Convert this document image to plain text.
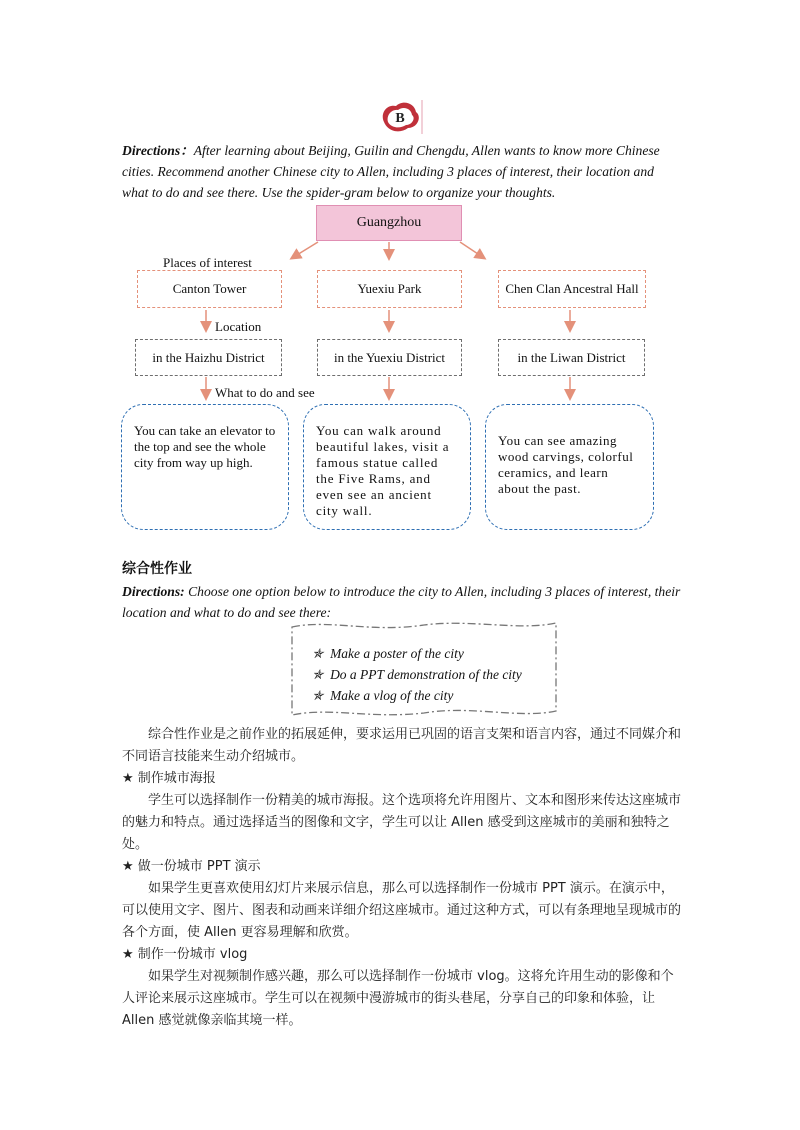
B
Directions：After learning about Beijing, Guilin and Chengdu, Allen wants to know more Chinese cities. Recommend another Chinese city to Allen, including 3 places of interest, their location and what to do and see there. Use the spider-gram below to organize your thoughts.
Guangzhou
Places of interest
Canton Tower	Yuexiu Park	Chen Clan Ancestral Hall
Location
in the Haizhu District	in the Yuexiu District	in the Liwan District
What to do and see
You can take an elevator to the top and see the whole city from way up high.
You can walk around beautiful lakes, visit a famous statue called the Five Rams, and even see an ancient city wall.
You can see amazing wood carvings, colorful ceramics, and learn about the past.
综合性作业
Directions: Choose one option below to introduce the city to Allen, including 3 places of interest, their location and what to do and see there:
✯ Make a poster of the city
✯ Do a PPT demonstration of the city
✯ Make a vlog of the city
综合性作业是之前作业的拓展延伸，要求运用已巩固的语言支架和语言内容，通过不同媒介和不同语言技能来生动介绍城市。
★ 制作城市海报
学生可以选择制作一份精美的城市海报。这个选项将允许用图片、文本和图形来传达这座城市的魅力和特点。通过选择适当的图像和文字，学生可以让 Allen 感受到这座城市的美丽和独特之处。
★ 做一份城市 PPT 演示
如果学生更喜欢使用幻灯片来展示信息，那么可以选择制作一份城市 PPT 演示。在演示中，可以使用文字、图片、图表和动画来详细介绍这座城市。通过这种方式，可以有条理地呈现城市的各个方面，使 Allen 更容易理解和欣赏。
★ 制作一份城市 vlog
如果学生对视频制作感兴趣，那么可以选择制作一份城市 vlog。这将允许用生动的影像和个人评论来展示这座城市。学生可以在视频中漫游城市的街头巷尾，分享自己的印象和体验，让 Allen 感觉就像亲临其境一样。
